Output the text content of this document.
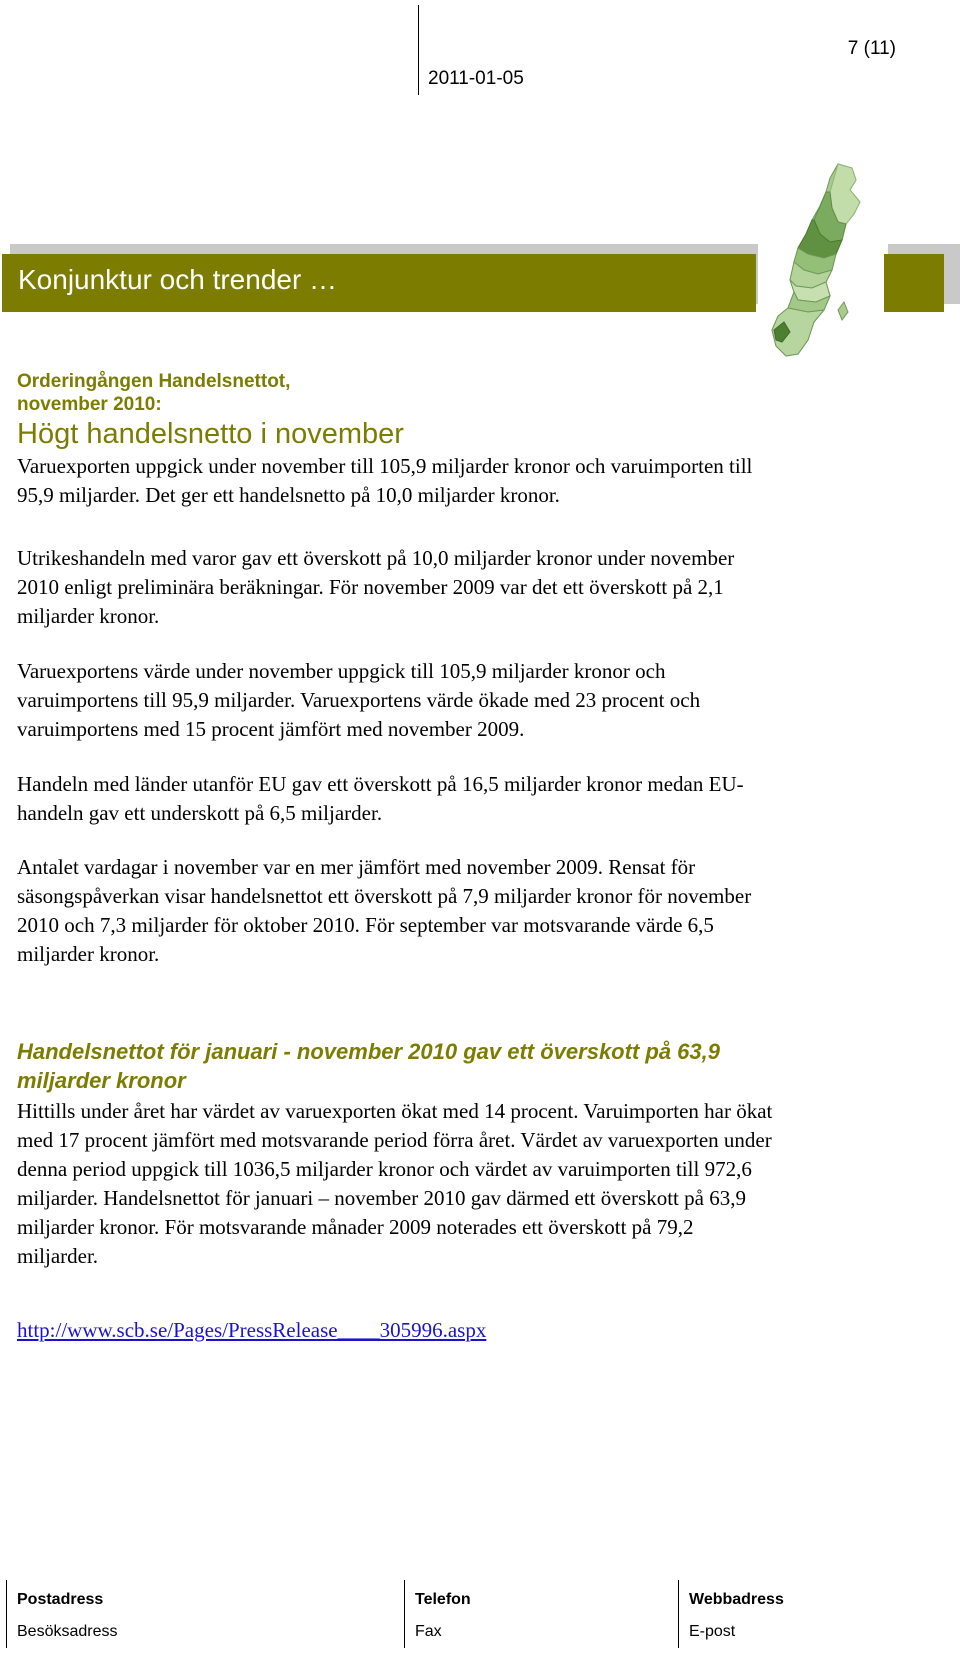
2011-01-05
7 (11)
Konjunktur och trender …
Orderingången Handelsnettot,
november 2010:
Högt handelsnetto i november

Varuexporten uppgick under november till 105,9 miljarder kronor och varuimporten till 95,9 miljarder. Det ger ett handelsnetto på 10,0 miljarder kronor.

Utrikeshandeln med varor gav ett överskott på 10,0 miljarder kronor under november 2010 enligt preliminära beräkningar. För november 2009 var det ett överskott på 2,1 miljarder kronor.

Varuexportens värde under november uppgick till 105,9 miljarder kronor och varuimportens till 95,9 miljarder. Varuexportens värde ökade med 23 procent och varuimportens med 15 procent jämfört med november 2009.

Handeln med länder utanför EU gav ett överskott på 16,5 miljarder kronor medan EU-handeln gav ett underskott på 6,5 miljarder.

Antalet vardagar i november var en mer jämfört med november 2009. Rensat för säsongspåverkan visar handelsnettot ett överskott på 7,9 miljarder kronor för november 2010 och 7,3 miljarder för oktober 2010. För september var motsvarande värde 6,5 miljarder kronor.

Handelsnettot för januari - november 2010 gav ett överskott på 63,9 miljarder kronor

Hittills under året har värdet av varuexporten ökat med 14 procent. Varuimporten har ökat med 17 procent jämfört med motsvarande period förra året. Värdet av varuexporten under denna period uppgick till 1036,5 miljarder kronor och värdet av varuimporten till 972,6 miljarder. Handelsnettot för januari – november 2010 gav därmed ett överskott på 63,9 miljarder kronor. För motsvarande månader 2009 noterades ett överskott på 79,2 miljarder.

http://www.scb.se/Pages/PressRelease____305996.aspx
Postadress
Besöksadress
Telefon
Fax
Webbadress
E-post
